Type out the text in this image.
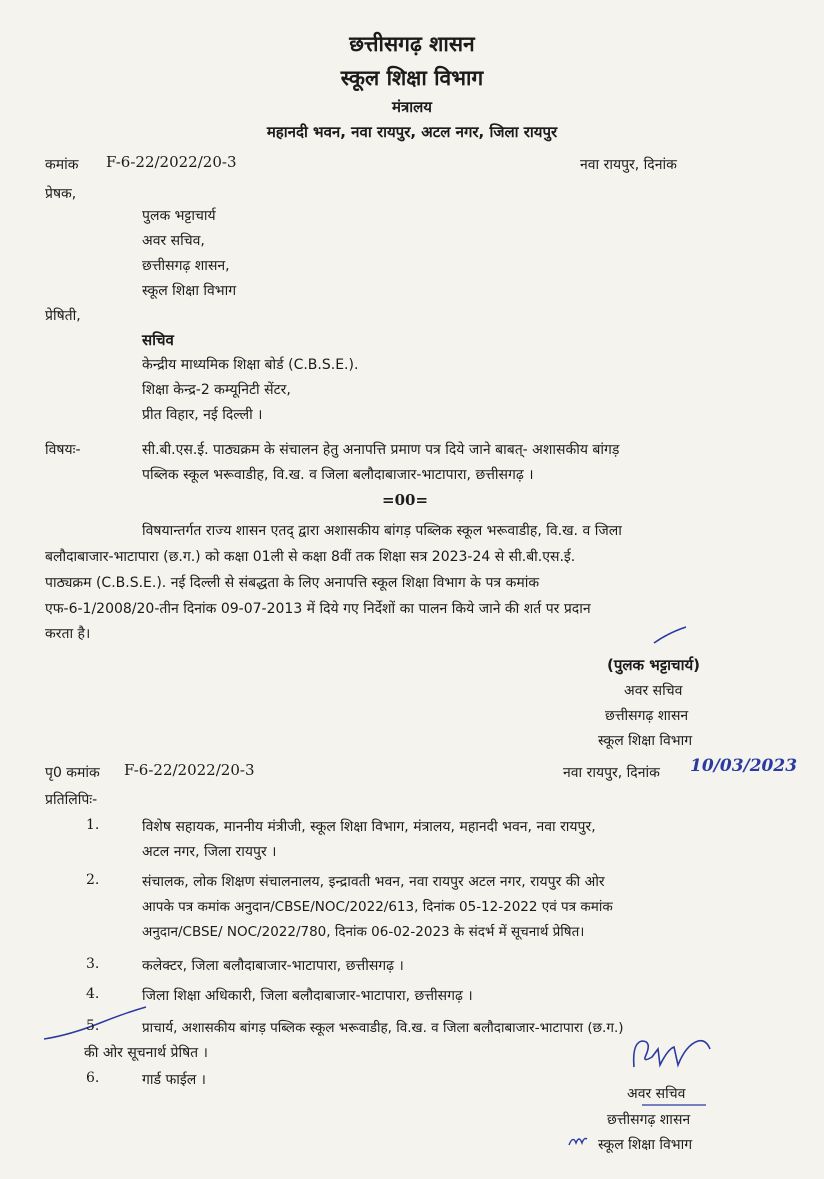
छत्तीसगढ़ शासन
स्कूल शिक्षा विभाग
मंत्रालय
महानदी भवन, नवा रायपुर, अटल नगर, जिला रायपुर
कमांक F-6-22/2022/20-3	नवा रायपुर, दिनांक
प्रेषक,
पुलक भट्टाचार्य
अवर सचिव,
छत्तीसगढ़ शासन,
स्कूल शिक्षा विभाग
प्रेषिती,
सचिव
केन्द्रीय माध्यमिक शिक्षा बोर्ड (C.B.S.E.).
शिक्षा केन्द्र-2 कम्यूनिटी सेंटर,
प्रीत विहार, नई दिल्ली ।
विषयः-	सी.बी.एस.ई. पाठ्यक्रम के संचालन हेतु अनापत्ति प्रमाण पत्र दिये जाने बाबत्- अशासकीय बांगड़
पब्लिक स्कूल भरूवाडीह, वि.ख. व जिला बलौदाबाजार-भाटापारा, छत्तीसगढ़ ।
=00=
विषयान्तर्गत राज्य शासन एतद् द्वारा अशासकीय बांगड़ पब्लिक स्कूल भरूवाडीह, वि.ख. व जिला
बलौदाबाजार-भाटापारा (छ.ग.) को कक्षा 01ली से कक्षा 8वीं तक शिक्षा सत्र 2023-24 से सी.बी.एस.ई.
पाठ्यक्रम (C.B.S.E.). नई दिल्ली से संबद्धता के लिए अनापत्ति स्कूल शिक्षा विभाग के पत्र कमांक
एफ-6-1/2008/20-तीन दिनांक 09-07-2013 में दिये गए निर्देशों का पालन किये जाने की शर्त पर प्रदान
करता है।
(पुलक भट्टाचार्य)
अवर सचिव
छत्तीसगढ़ शासन
स्कूल शिक्षा विभाग
पृ0 कमांक F-6-22/2022/20-3	नवा रायपुर, दिनांक 10/03/2023
प्रतिलिपिः-
1.	विशेष सहायक, माननीय मंत्रीजी, स्कूल शिक्षा विभाग, मंत्रालय, महानदी भवन, नवा रायपुर,
अटल नगर, जिला रायपुर ।
2.	संचालक, लोक शिक्षण संचालनालय, इन्द्रावती भवन, नवा रायपुर अटल नगर, रायपुर की ओर
आपके पत्र कमांक अनुदान/CBSE/NOC/2022/613, दिनांक 05-12-2022 एवं पत्र कमांक
अनुदान/CBSE/ NOC/2022/780, दिनांक 06-02-2023 के संदर्भ में सूचनार्थ प्रेषित।
3.	कलेक्टर, जिला बलौदाबाजार-भाटापारा, छत्तीसगढ़ ।
4.	जिला शिक्षा अधिकारी, जिला बलौदाबाजार-भाटापारा, छत्तीसगढ़ ।
5.	प्राचार्य, अशासकीय बांगड़ पब्लिक स्कूल भरूवाडीह, वि.ख. व जिला बलौदाबाजार-भाटापारा (छ.ग.)
की ओर सूचनार्थ प्रेषित ।
6.	गार्ड फाईल ।
अवर सचिव
छत्तीसगढ़ शासन
स्कूल शिक्षा विभाग
